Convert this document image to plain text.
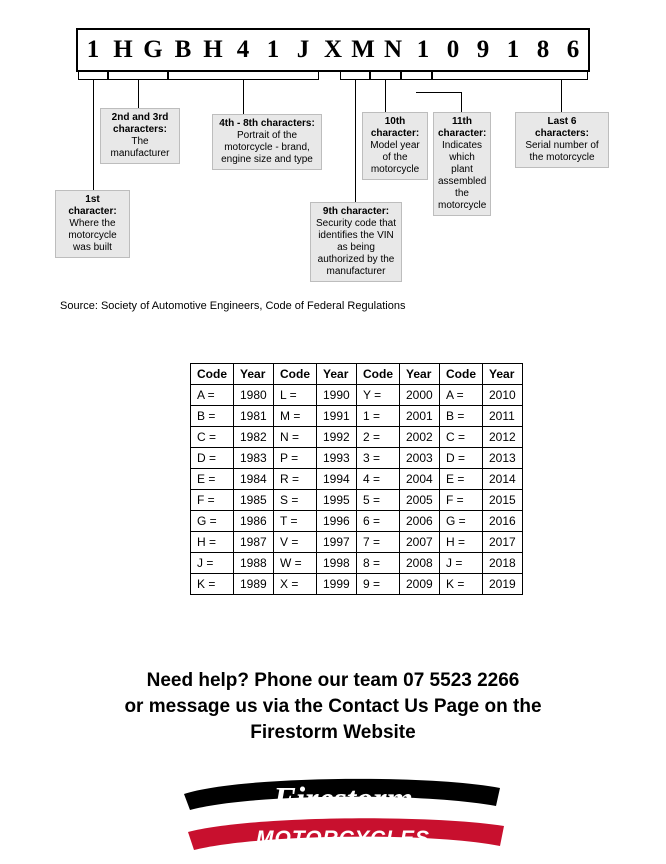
1 H G B H 4 1 J X M N 1 0 9 1 8 6
1st character:
Where the motorcycle was built
2nd and 3rd characters:
The manufacturer
4th - 8th characters:
Portrait of the motorcycle - brand, engine size and type
9th character:
Security code that identifies the VIN as being authorized by the manufacturer
10th character:
Model year of the motorcycle
11th character:
Indicates which plant assembled the motorcycle
Last 6 characters:
Serial number of the motorcycle
Source: Society of Automotive Engineers, Code of Federal Regulations
Code	Year	Code	Year	Code	Year	Code	Year
A =	1980	L =	1990	Y =	2000	A =	2010
B =	1981	M =	1991	1 =	2001	B =	2011
C =	1982	N =	1992	2 =	2002	C =	2012
D =	1983	P =	1993	3 =	2003	D =	2013
E =	1984	R =	1994	4 =	2004	E =	2014
F =	1985	S =	1995	5 =	2005	F =	2015
G =	1986	T =	1996	6 =	2006	G =	2016
H =	1987	V =	1997	7 =	2007	H =	2017
J =	1988	W =	1998	8 =	2008	J =	2018
K =	1989	X =	1999	9 =	2009	K =	2019
Need help? Phone our team 07 5523 2266
or message us via the Contact Us Page on the
Firestorm Website
Firestorm
MOTORCYCLES
